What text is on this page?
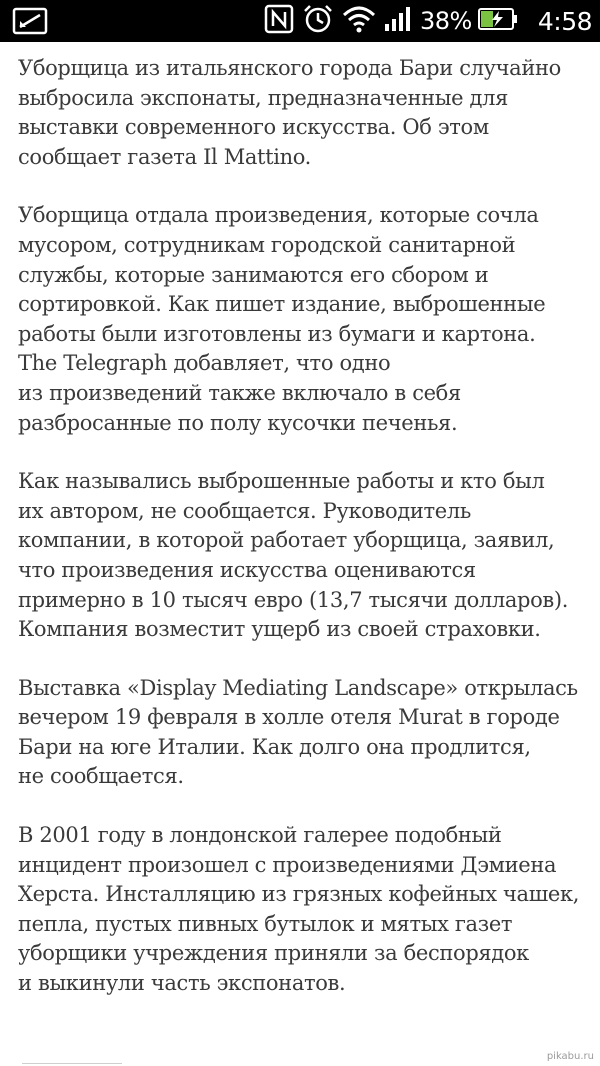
38%	4:58

Уборщица из итальянского города Бари случайно
выбросила экспонаты, предназначенные для
выставки современного искусства. Об этом
сообщает газета Il Mattino.

Уборщица отдала произведения, которые сочла
мусором, сотрудникам городской санитарной
службы, которые занимаются его сбором и
сортировкой. Как пишет издание, выброшенные
работы были изготовлены из бумаги и картона.
The Telegraph добавляет, что одно
из произведений также включало в себя
разбросанные по полу кусочки печенья.

Как назывались выброшенные работы и кто был
их автором, не сообщается. Руководитель
компании, в которой работает уборщица, заявил,
что произведения искусства оцениваются
примерно в 10 тысяч евро (13,7 тысячи долларов).
Компания возместит ущерб из своей страховки.

Выставка «Display Mediating Landscape» открылась
вечером 19 февраля в холле отеля Murat в городе
Бари на юге Италии. Как долго она продлится,
не сообщается.

В 2001 году в лондонской галерее подобный
инцидент произошел с произведениями Дэмиена
Херста. Инсталляцию из грязных кофейных чашек,
пепла, пустых пивных бутылок и мятых газет
уборщики учреждения приняли за беспорядок
и выкинули часть экспонатов.

pikabu.ru
